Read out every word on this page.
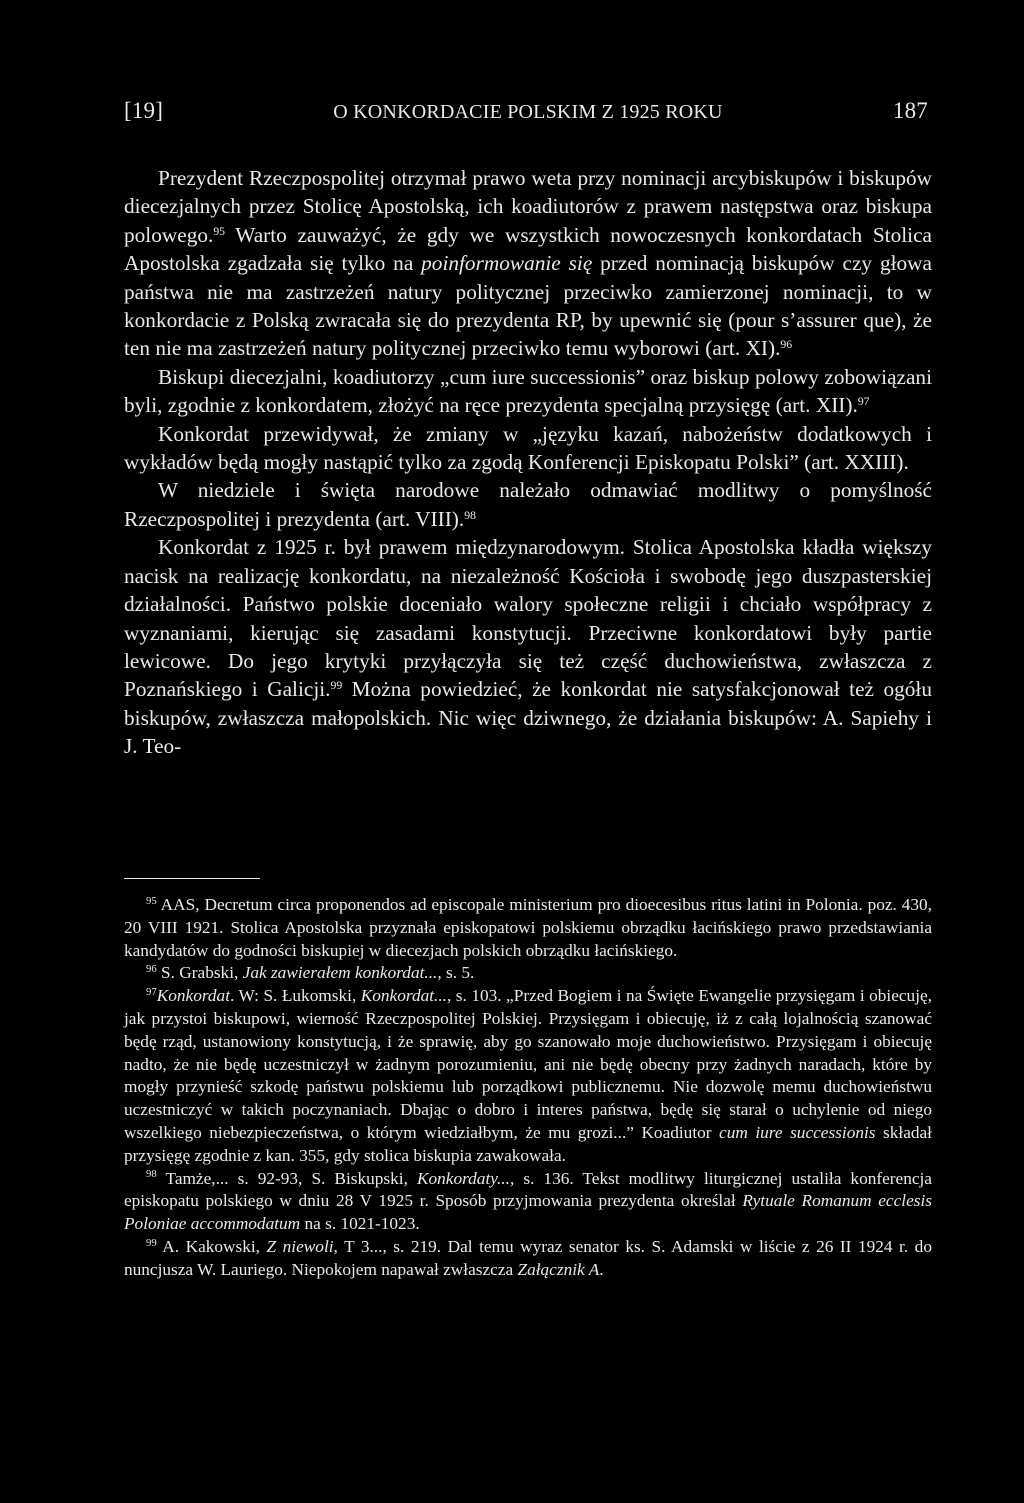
[19]	O KONKORDACIE POLSKIM Z 1925 ROKU	187

Prezydent Rzeczpospolitej otrzymał prawo weta przy nominacji arcybiskupów i biskupów diecezjalnych przez Stolicę Apostolską, ich koadiutorów z prawem następstwa oraz biskupa polowego.$^{95}$ Warto zauważyć, że gdy we wszystkich nowoczesnych konkordatach Stolica Apostolska zgadzała się tylko na poinformowanie się przed nominacją biskupów czy głowa państwa nie ma zastrzeżeń natury politycznej przeciwko zamierzonej nominacji, to w konkordacie z Polską zwracała się do prezydenta RP, by upewnić się (pour s’assurer que), że ten nie ma zastrzeżeń natury politycznej przeciwko temu wyborowi (art. XI).$^{96}$

Biskupi diecezjalni, koadiutorzy „cum iure successionis” oraz biskup polowy zobowiązani byli, zgodnie z konkordatem, złożyć na ręce prezydenta specjalną przysięgę (art. XII).$^{97}$

Konkordat przewidywał, że zmiany w „języku kazań, nabożeństw dodatkowych i wykładów będą mogły nastąpić tylko za zgodą Konferencji Episkopatu Polski” (art. XXIII).

W niedziele i święta narodowe należało odmawiać modlitwy o pomyślność Rzeczpospolitej i prezydenta (art. VIII).$^{98}$

Konkordat z 1925 r. był prawem międzynarodowym. Stolica Apostolska kładła większy nacisk na realizację konkordatu, na niezależność Kościoła i swobodę jego duszpasterskiej działalności. Państwo polskie doceniało walory społeczne religii i chciało współpracy z wyznaniami, kierując się zasadami konstytucji. Przeciwne konkordatowi były partie lewicowe. Do jego krytyki przyłączyła się też część duchowieństwa, zwłaszcza z Poznańskiego i Galicji.$^{99}$ Można powiedzieć, że konkordat nie satysfakcjonował też ogółu biskupów, zwłaszcza małopolskich. Nic więc dziwnego, że działania biskupów: A. Sapiehy i J. Teo-

$^{95}$ AAS, Decretum circa proponendos ad episcopale ministerium pro dioecesibus ritus latini in Polonia. poz. 430, 20 VIII 1921. Stolica Apostolska przyznała episkopatowi polskiemu obrządku łacińskiego prawo przedstawiania kandydatów do godności biskupiej w diecezjach polskich obrządku łacińskiego.

$^{96}$ S. Grabski, Jak zawierałem konkordat..., s. 5.

$^{97}$Konkordat. W: S. Łukomski, Konkordat..., s. 103. „Przed Bogiem i na Święte Ewangelie przysięgam i obiecuję, jak przystoi biskupowi, wierność Rzeczpospolitej Polskiej. Przysięgam i obiecuję, iż z całą lojalnością szanować będę rząd, ustanowiony konstytucją, i że sprawię, aby go szanowało moje duchowieństwo. Przysięgam i obiecuję nadto, że nie będę uczestniczył w żadnym porozumieniu, ani nie będę obecny przy żadnych naradach, które by mogły przynieść szkodę państwu polskiemu lub porządkowi publicznemu. Nie dozwolę memu duchowieństwu uczestniczyć w takich poczynaniach. Dbając o dobro i interes państwa, będę się starał o uchylenie od niego wszelkiego niebezpieczeństwa, o którym wiedziałbym, że mu grozi...” Koadiutor cum iure successionis składał przysięgę zgodnie z kan. 355, gdy stolica biskupia zawakowała.

$^{98}$ Tamże,... s. 92-93, S. Biskupski, Konkordaty..., s. 136. Tekst modlitwy liturgicznej ustaliła konferencja episkopatu polskiego w dniu 28 V 1925 r. Sposób przyjmowania prezydenta określał Rytuale Romanum ecclesis Poloniae accommodatum na s. 1021-1023.

$^{99}$ A. Kakowski, Z niewoli, T 3..., s. 219. Dal temu wyraz senator ks. S. Adamski w liście z 26 II 1924 r. do nuncjusza W. Lauriego. Niepokojem napawał zwłaszcza Załącznik A.
